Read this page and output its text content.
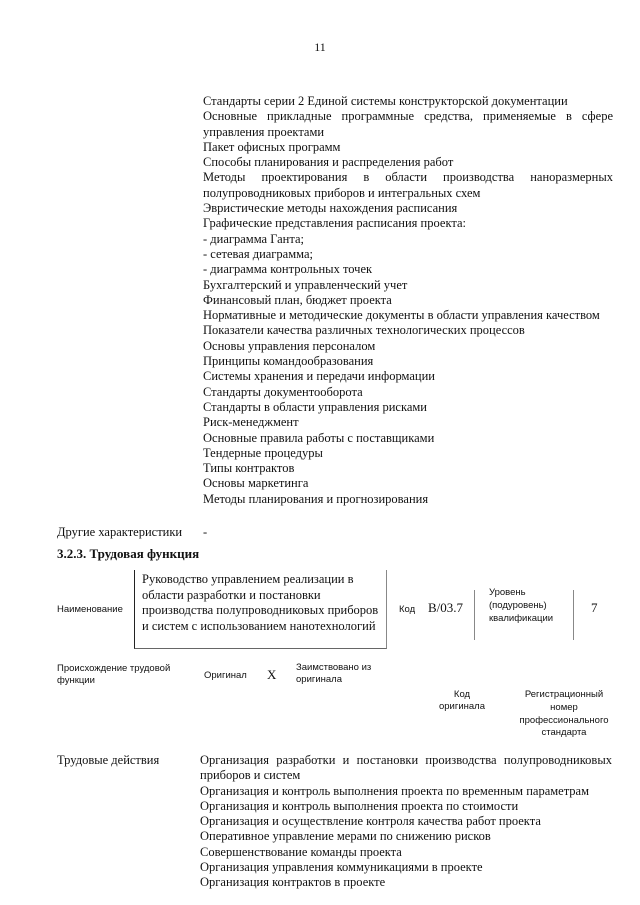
11

Стандарты серии 2 Единой системы конструкторской документации

Основные прикладные программные средства, применяемые в сфере управления проектами

Пакет офисных программ

Способы планирования и распределения работ

Методы проектирования в области производства наноразмерных полупроводниковых приборов и интегральных схем

Эвристические методы нахождения расписания

Графические представления расписания проекта:

- диаграмма Ганта;

- сетевая диаграмма;

- диаграмма контрольных точек

Бухгалтерский и управленческий учет

Финансовый план, бюджет проекта

Нормативные и методические документы в области управления качеством

Показатели качества различных технологических процессов

Основы управления персоналом

Принципы командообразования

Системы хранения и передачи информации

Стандарты документооборота

Стандарты в области управления рисками

Риск-менеджмент

Основные правила работы с поставщиками

Тендерные процедуры

Типы контрактов

Основы маркетинга

Методы планирования и прогнозирования

Другие характеристики -
3.2.3. Трудовая функция
Наименование
Руководство управлением реализации в области разработки и постановки производства полупроводниковых приборов и систем с использованием нанотехнологий
Код В/03.7
Уровень (подуровень) квалификации
7
Происхождение трудовой функции	Оригинал X Заимствовано из оригинала
Код оригинала
Регистрационный номер профессионального стандарта
Трудовые действия	Организация разработки и постановки производства полупроводниковых приборов и систем

Организация и контроль выполнения проекта по временным параметрам

Организация и контроль выполнения проекта по стоимости

Организация и осуществление контроля качества работ проекта

Оперативное управление мерами по снижению рисков

Совершенствование команды проекта

Организация управления коммуникациями в проекте

Организация контрактов в проекте
